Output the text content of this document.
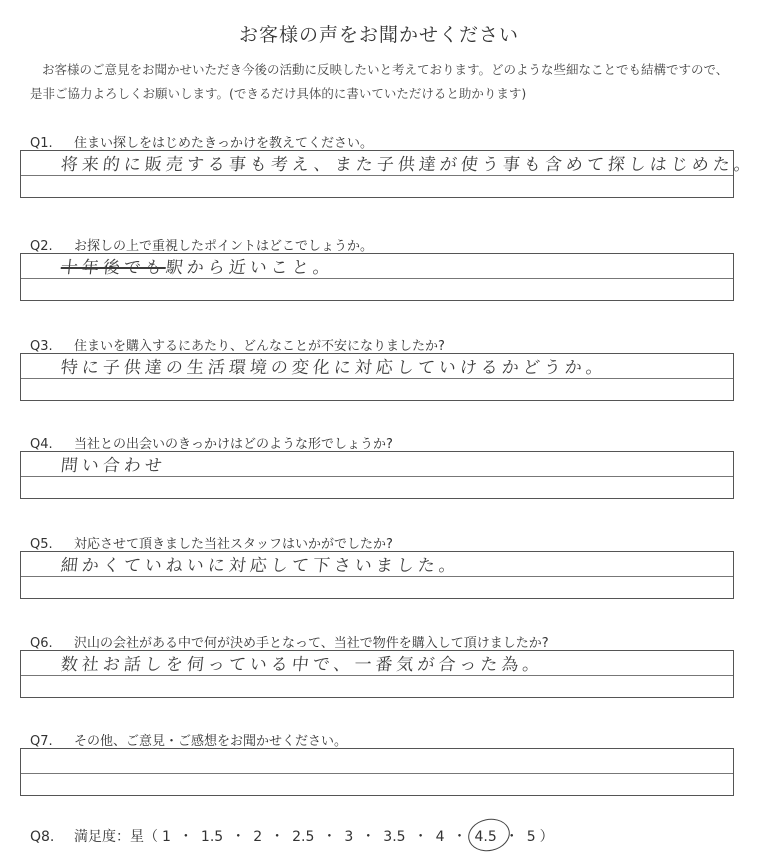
お客様の声をお聞かせください
お客様のご意見をお聞かせいただき今後の活動に反映したいと考えております。どのような些細なことでも結構ですので、是非ご協力よろしくお願いします。(できるだけ具体的に書いていただけると助かります)
Q1. 住まい探しをはじめたきっかけを教えてください。
将来的に販売する事も考え、また子供達が使う事も含めて探しはじめた。
Q2. お探しの上で重視したポイントはどこでしょうか。
十年後でも駅から近いこと。
Q3. 住まいを購入するにあたり、どんなことが不安になりましたか?
特に子供達の生活環境の変化に対応していけるかどうか。
Q4. 当社との出会いのきっかけはどのような形でしょうか?
問い合わせ
Q5. 対応させて頂きました当社スタッフはいかがでしたか?
細かくていねいに対応して下さいました。
Q6. 沢山の会社がある中で何が決め手となって、当社で物件を購入して頂けましたか?
数社お話しを伺っている中で、一番気が合った為。
Q7. その他、ご意見・ご感想をお聞かせください。
Q8. 満足度：星（ 1 ・ 1.5 ・ 2 ・ 2.5 ・ 3 ・ 3.5 ・ 4 ・ 4.5 ・ 5 ）
